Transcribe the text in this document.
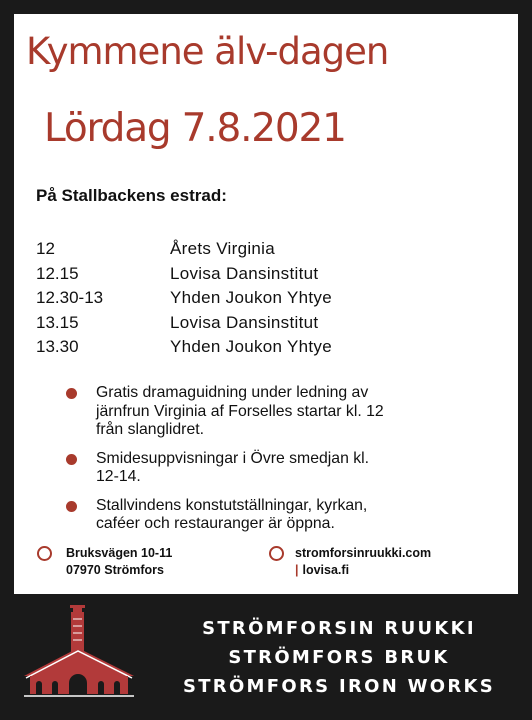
Kymmene älv-dagen
Lördag 7.8.2021
På Stallbackens estrad:
12	Årets Virginia
12.15	Lovisa Dansinstitut
12.30-13	Yhden Joukon Yhtye
13.15	Lovisa Dansinstitut
13.30	Yhden Joukon Yhtye
Gratis dramaguidning under ledning av
järnfrun Virginia af Forselles startar kl. 12
från slanglidret.
Smidesuppvisningar i Övre smedjan kl.
12-14.
Stallvindens konstutställningar, kyrkan,
caféer och restauranger är öppna.
Bruksvägen 10-11
07970 Strömfors
stromforsinruukki.com
| lovisa.fi
STRÖMFORSIN RUUKKI
STRÖMFORS BRUK
STRÖMFORS IRON WORKS
